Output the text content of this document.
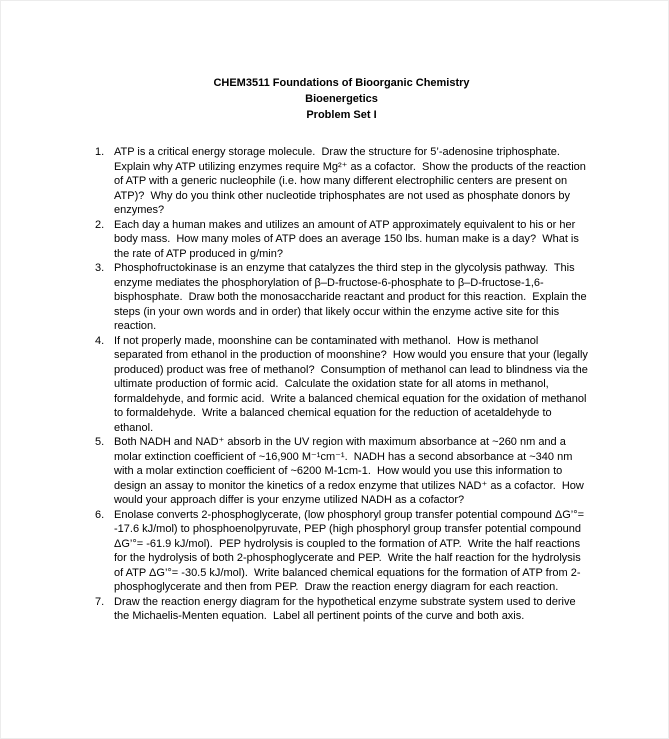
CHEM3511 Foundations of Bioorganic Chemistry
Bioenergetics
Problem Set I
1. ATP is a critical energy storage molecule.  Draw the structure for 5’-adenosine triphosphate.  Explain why ATP utilizing enzymes require Mg²⁺ as a cofactor.  Show the products of the reaction of ATP with a generic nucleophile (i.e. how many different electrophilic centers are present on ATP)?  Why do you think other nucleotide triphosphates are not used as phosphate donors by enzymes?
2. Each day a human makes and utilizes an amount of ATP approximately equivalent to his or her body mass.  How many moles of ATP does an average 150 lbs. human make is a day?  What is the rate of ATP produced in g/min?
3. Phosphofructokinase is an enzyme that catalyzes the third step in the glycolysis pathway.  This enzyme mediates the phosphorylation of β–D-fructose-6-phosphate to β–D-fructose-1,6-bisphosphate.  Draw both the monosaccharide reactant and product for this reaction.  Explain the steps (in your own words and in order) that likely occur within the enzyme active site for this reaction.
4. If not properly made, moonshine can be contaminated with methanol.  How is methanol separated from ethanol in the production of moonshine?  How would you ensure that your (legally produced) product was free of methanol?  Consumption of methanol can lead to blindness via the ultimate production of formic acid.  Calculate the oxidation state for all atoms in methanol, formaldehyde, and formic acid.  Write a balanced chemical equation for the oxidation of methanol to formaldehyde.  Write a balanced chemical equation for the reduction of acetaldehyde to ethanol.
5. Both NADH and NAD⁺ absorb in the UV region with maximum absorbance at ~260 nm and a molar extinction coefficient of ~16,900 M⁻¹cm⁻¹.  NADH has a second absorbance at ~340 nm with a molar extinction coefficient of ~6200 M-1cm-1.  How would you use this information to design an assay to monitor the kinetics of a redox enzyme that utilizes NAD⁺ as a cofactor.  How would your approach differ is your enzyme utilized NADH as a cofactor?
6. Enolase converts 2-phosphoglycerate, (low phosphoryl group transfer potential compound ΔG’°= -17.6 kJ/mol) to phosphoenolpyruvate, PEP (high phosphoryl group transfer potential compound ΔG’°= -61.9 kJ/mol).  PEP hydrolysis is coupled to the formation of ATP.  Write the half reactions for the hydrolysis of both 2-phosphoglycerate and PEP.  Write the half reaction for the hydrolysis of ATP ΔG’°= -30.5 kJ/mol).  Write balanced chemical equations for the formation of ATP from 2-phosphoglycerate and then from PEP.  Draw the reaction energy diagram for each reaction.
7. Draw the reaction energy diagram for the hypothetical enzyme substrate system used to derive the Michaelis-Menten equation.  Label all pertinent points of the curve and both axis.
